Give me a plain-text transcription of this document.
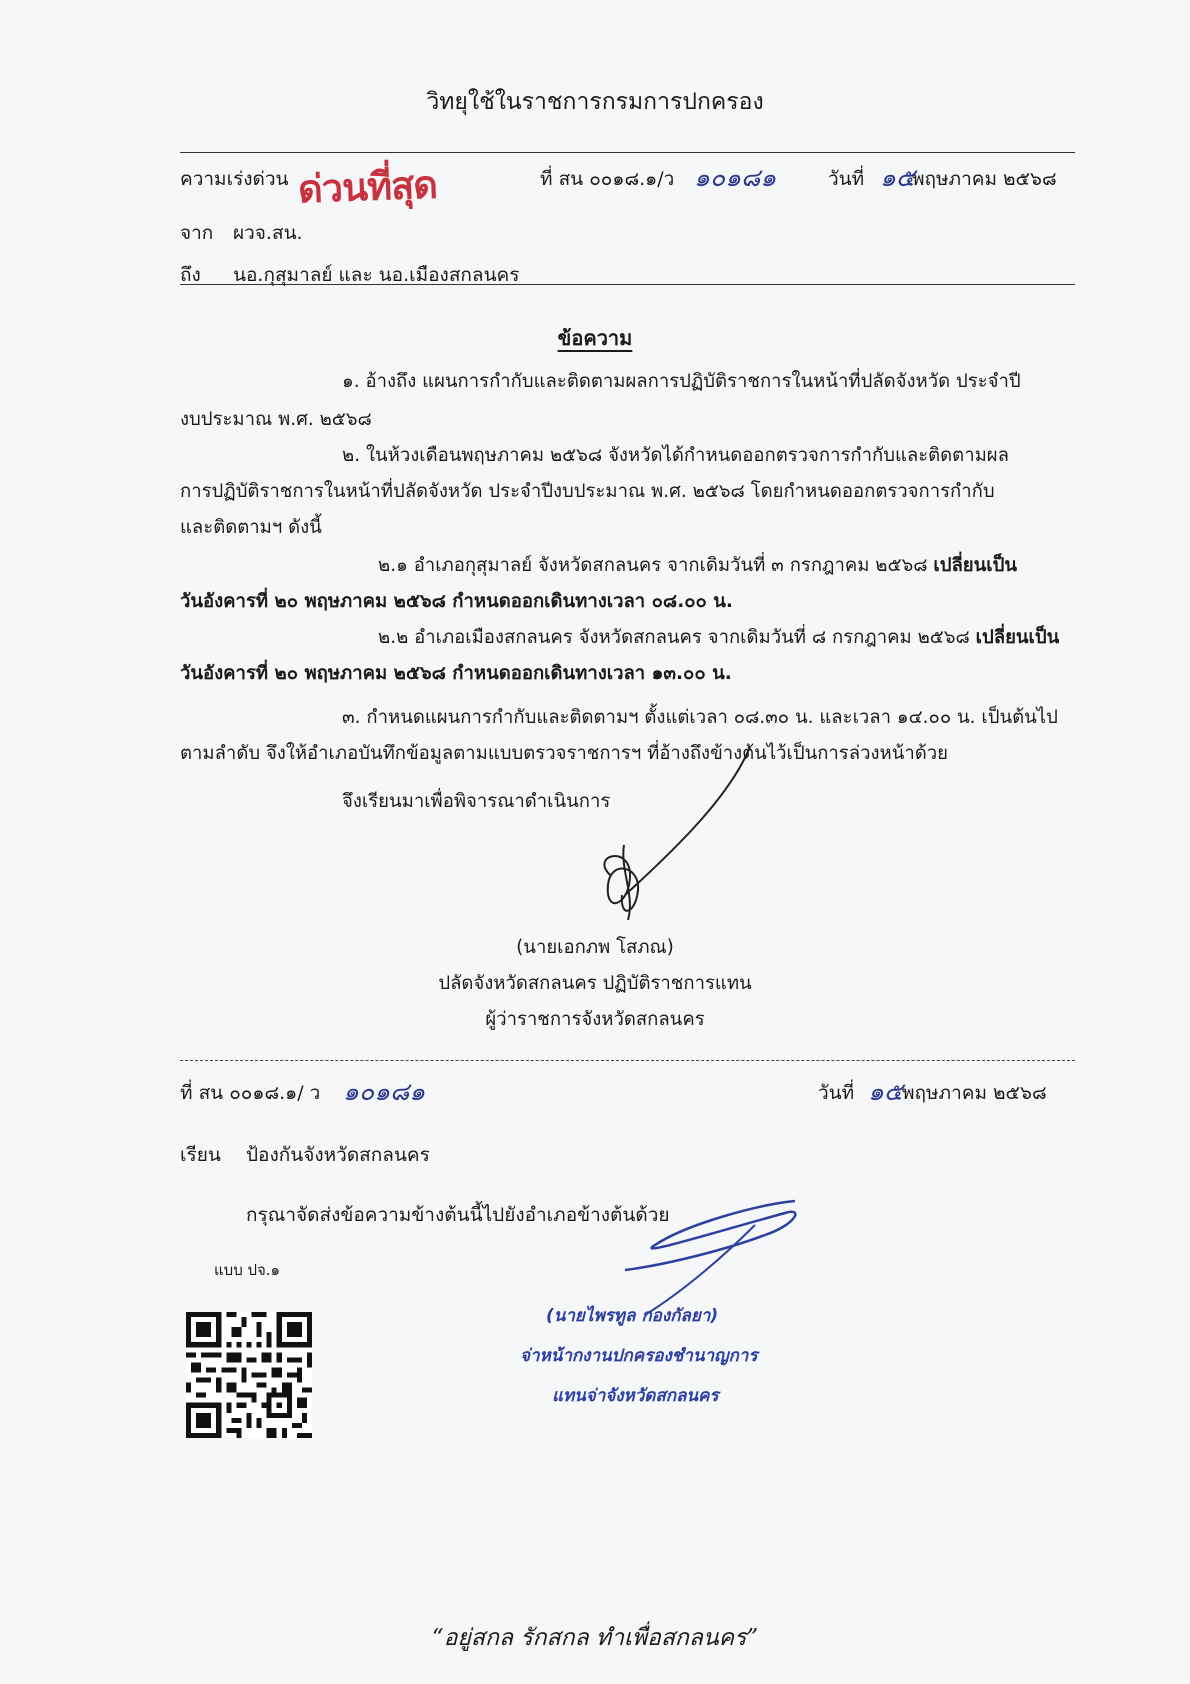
วิทยุใช้ในราชการกรมการปกครอง
ความเร่งด่วน ด่วนที่สุด	ที่ สน ๐๐๑๘.๑/ว ๑๐๑๘๑	วันที่ ๑๕
พฤษภาคม ๒๕๖๘
จาก ผวจ.สน.
ถึง นอ.กุสุมาลย์ และ นอ.เมืองสกลนคร
ข้อความ
๑. อ้างถึง แผนการกำกับและติดตามผลการปฏิบัติราชการในหน้าที่ปลัดจังหวัด ประจำปี
งบประมาณ พ.ศ. ๒๕๖๘
๒. ในห้วงเดือนพฤษภาคม ๒๕๖๘ จังหวัดได้กำหนดออกตรวจการกำกับและติดตามผล
การปฏิบัติราชการในหน้าที่ปลัดจังหวัด ประจำปีงบประมาณ พ.ศ. ๒๕๖๘ โดยกำหนดออกตรวจการกำกับ
และติดตามฯ ดังนี้
๒.๑ อำเภอกุสุมาลย์ จังหวัดสกลนคร จากเดิมวันที่ ๓ กรกฎาคม ๒๕๖๘ เปลี่ยนเป็น
วันอังคารที่ ๒๐ พฤษภาคม ๒๕๖๘ กำหนดออกเดินทางเวลา ๐๘.๐๐ น.
๒.๒ อำเภอเมืองสกลนคร จังหวัดสกลนคร จากเดิมวันที่ ๘ กรกฎาคม ๒๕๖๘ เปลี่ยนเป็น
วันอังคารที่ ๒๐ พฤษภาคม ๒๕๖๘ กำหนดออกเดินทางเวลา ๑๓.๐๐ น.
๓. กำหนดแผนการกำกับและติดตามฯ ตั้งแต่เวลา ๐๘.๓๐ น. และเวลา ๑๔.๐๐ น. เป็นต้นไป
ตามลำดับ จึงให้อำเภอบันทึกข้อมูลตามแบบตรวจราชการฯ ที่อ้างถึงข้างต้นไว้เป็นการล่วงหน้าด้วย
จึงเรียนมาเพื่อพิจารณาดำเนินการ
(นายเอกภพ โสภณ)
ปลัดจังหวัดสกลนคร ปฏิบัติราชการแทน
ผู้ว่าราชการจังหวัดสกลนคร
ที่ สน ๐๐๑๘.๑/ ว ๑๐๑๘๑	วันที่ ๑๕ พฤษภาคม ๒๕๖๘
เรียน ป้องกันจังหวัดสกลนคร
กรุณาจัดส่งข้อความข้างต้นนี้ไปยังอำเภอข้างต้นด้วย
แบบ ปจ.๑
(นายไพรทูล กองกัลยา)
จ่าหน้ากงานปกครองชำนาญการ
แทนจ่าจังหวัดสกลนคร
“อยู่สกล รักสกล ทำเพื่อสกลนคร”
